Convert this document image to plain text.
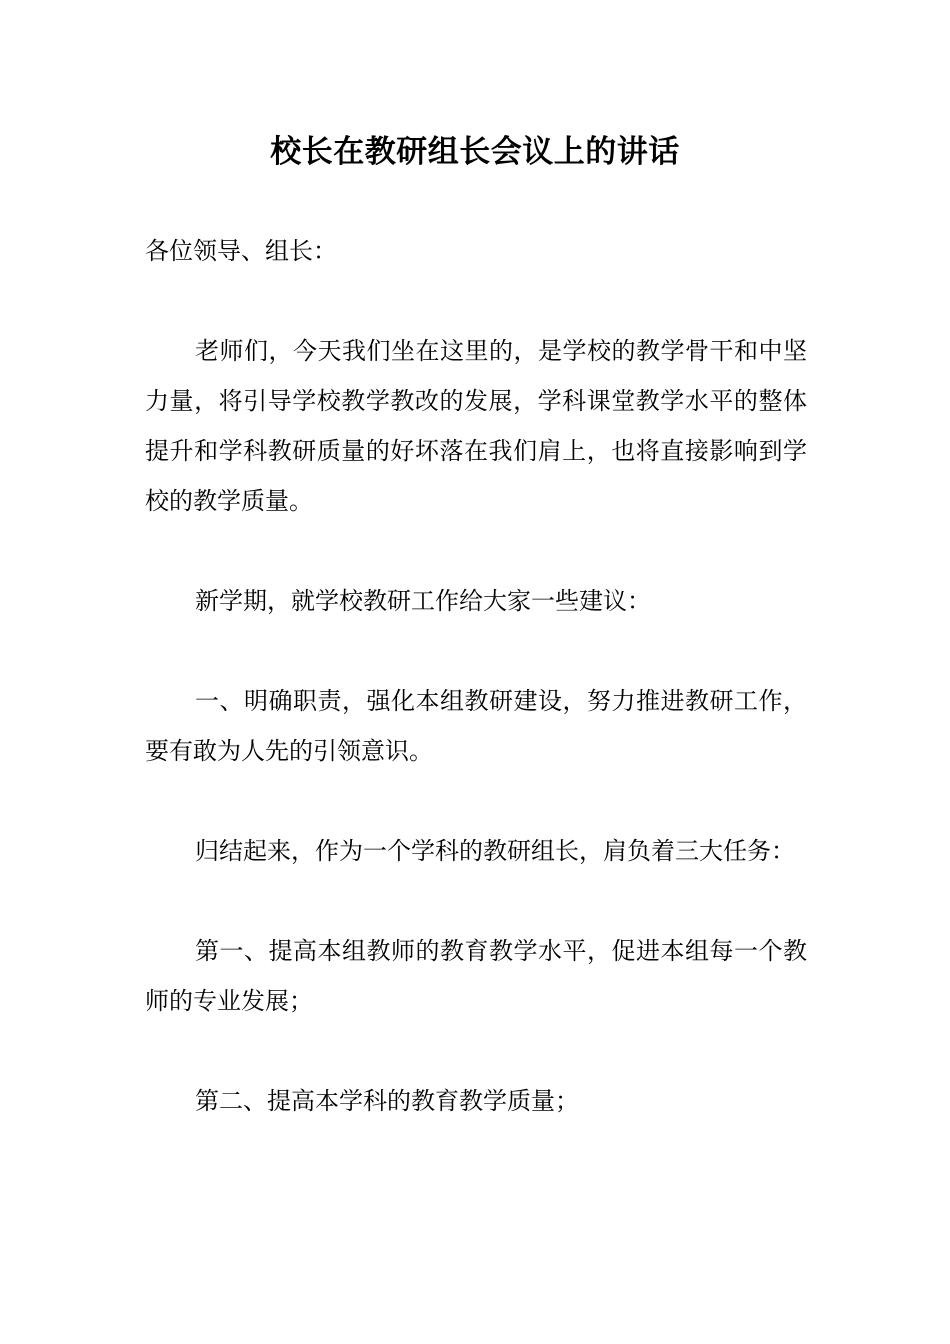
校长在教研组长会议上的讲话

各位领导、组长：

老师们，今天我们坐在这里的，是学校的教学骨干和中坚力量，将引导学校教学教改的发展，学科课堂教学水平的整体提升和学科教研质量的好坏落在我们肩上，也将直接影响到学校的教学质量。

新学期，就学校教研工作给大家一些建议：

一、明确职责，强化本组教研建设，努力推进教研工作，要有敢为人先的引领意识。

归结起来，作为一个学科的教研组长，肩负着三大任务：

第一、提高本组教师的教育教学水平，促进本组每一个教师的专业发展；

第二、提高本学科的教育教学质量；
